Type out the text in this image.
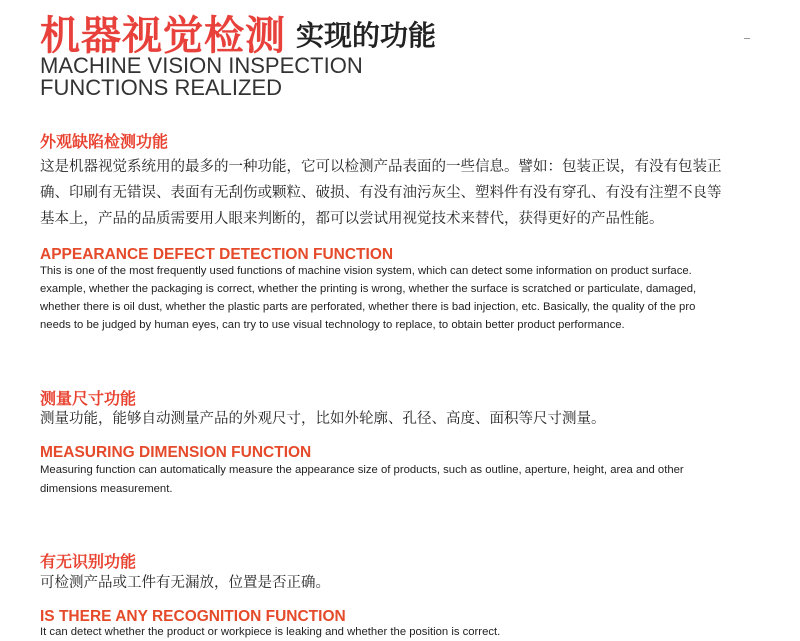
机器视觉检测 实现的功能
MACHINE VISION INSPECTION
FUNCTIONS REALIZED
外观缺陷检测功能
这是机器视觉系统用的最多的一种功能，它可以检测产品表面的一些信息。譬如：包装正误，有没有包装正
确、印刷有无错误、表面有无刮伤或颗粒、破损、有没有油污灰尘、塑料件有没有穿孔、有没有注塑不良等
基本上，产品的品质需要用人眼来判断的，都可以尝试用视觉技术来替代，获得更好的产品性能。
APPEARANCE DEFECT DETECTION FUNCTION
This is one of the most frequently used functions of machine vision system, which can detect some information on product surface.
example, whether the packaging is correct, whether the printing is wrong, whether the surface is scratched or particulate, damaged,
whether there is oil dust, whether the plastic parts are perforated, whether there is bad injection, etc. Basically, the quality of the pro
needs to be judged by human eyes, can try to use visual technology to replace, to obtain better product performance.
测量尺寸功能
测量功能，能够自动测量产品的外观尺寸，比如外轮廓、孔径、高度、面积等尺寸测量。
MEASURING DIMENSION FUNCTION
Measuring function can automatically measure the appearance size of products, such as outline, aperture, height, area and other
dimensions measurement.
有无识别功能
可检测产品或工件有无漏放，位置是否正确。
IS THERE ANY RECOGNITION FUNCTION
It can detect whether the product or workpiece is leaking and whether the position is correct.
